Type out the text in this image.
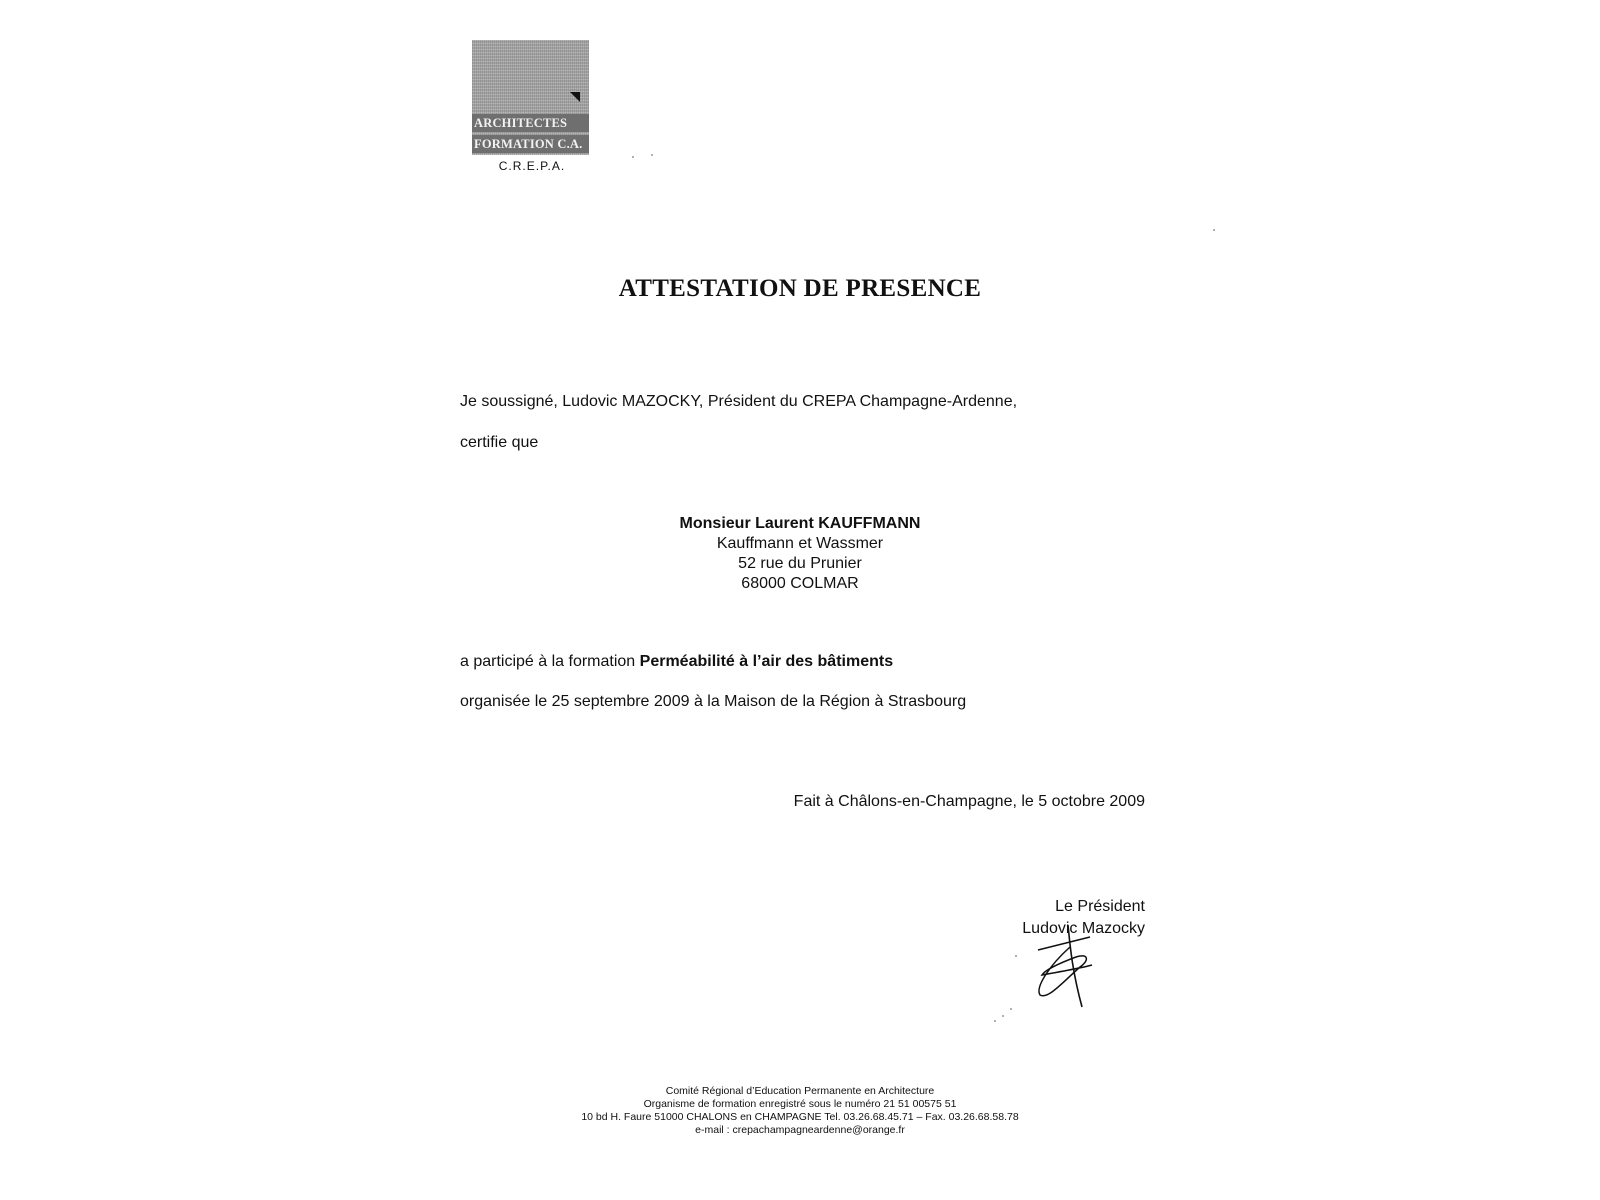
ARCHITECTES
FORMATION C.A.
C.R.E.P.A.
ATTESTATION DE PRESENCE

Je soussigné, Ludovic MAZOCKY, Président du CREPA Champagne-Ardenne,

certifie que

Monsieur Laurent KAUFFMANN
Kauffmann et Wassmer
52 rue du Prunier
68000 COLMAR

a participé à la formation Perméabilité à l’air des bâtiments

organisée le 25 septembre 2009 à la Maison de la Région à Strasbourg

Fait à Châlons-en-Champagne, le 5 octobre 2009
Le Président
Ludovic Mazocky
Comité Régional d’Education Permanente en Architecture
Organisme de formation enregistré sous le numéro 21 51 00575 51
10 bd H. Faure 51000 CHALONS en CHAMPAGNE Tel. 03.26.68.45.71 – Fax. 03.26.68.58.78
e-mail : crepachampagneardenne@orange.fr
